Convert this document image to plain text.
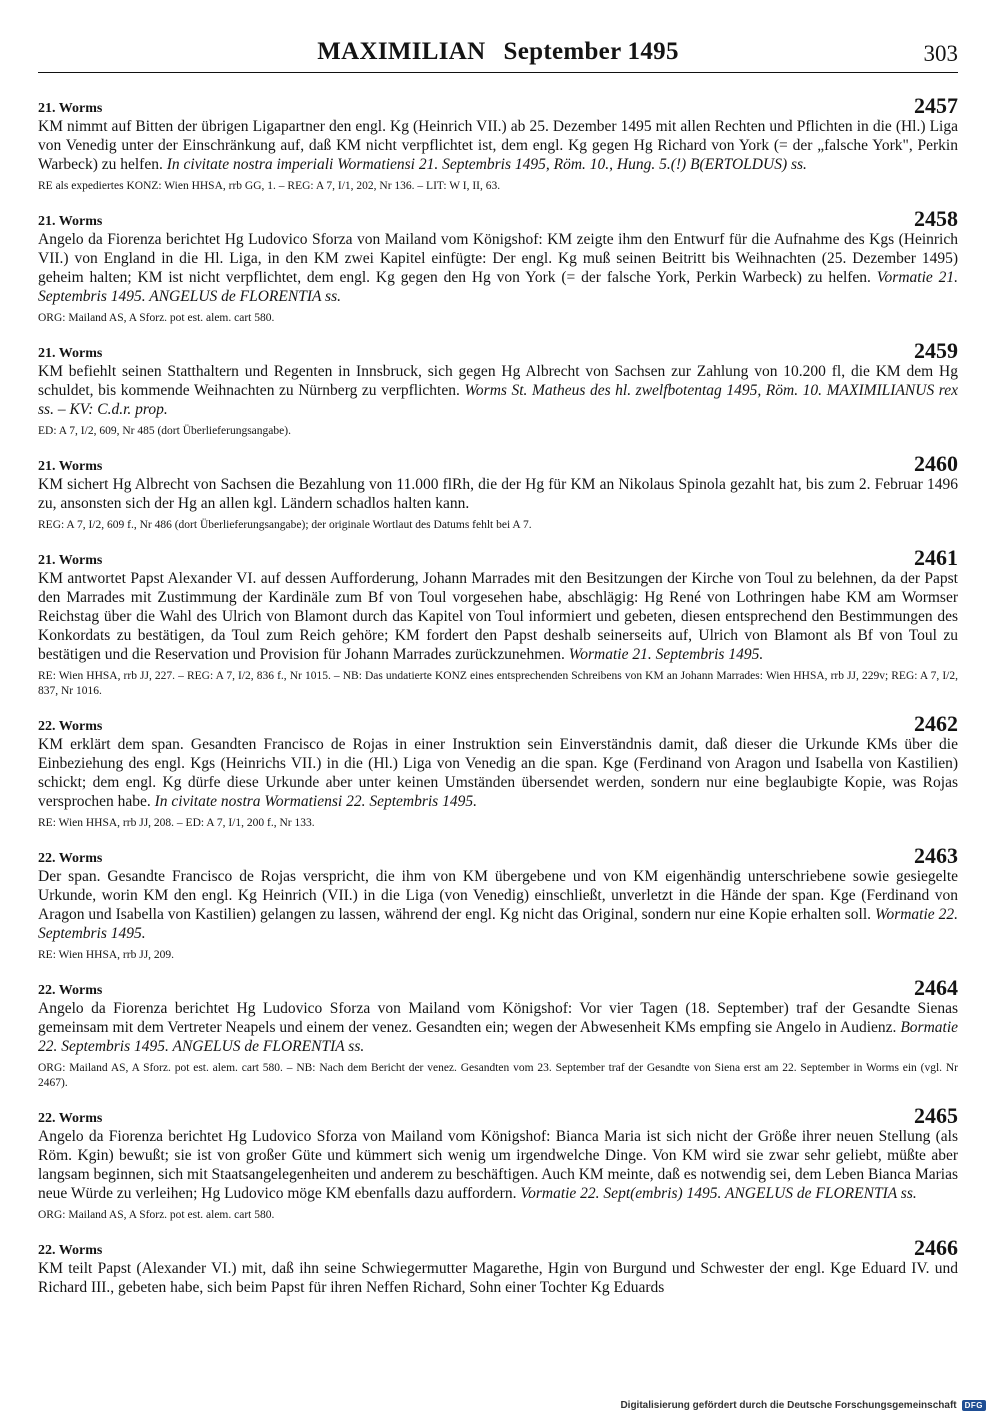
MAXIMILIAN September 1495	303
21. Worms	2457
KM nimmt auf Bitten der übrigen Ligapartner den engl. Kg (Heinrich VII.) ab 25. Dezember 1495 mit allen Rechten und Pflichten in die (Hl.) Liga von Venedig unter der Einschränkung auf, daß KM nicht verpflichtet ist, dem engl. Kg gegen Hg Richard von York (= der „falsche York", Perkin Warbeck) zu helfen. In civitate nostra imperiali Wormatiensi 21. Septembris 1495, Röm. 10., Hung. 5.(!) B(ERTOLDUS) ss.
RE als expediertes KONZ: Wien HHSA, rrb GG, 1. – REG: A 7, I/1, 202, Nr 136. – LIT: W I, II, 63.
21. Worms	2458
Angelo da Fiorenza berichtet Hg Ludovico Sforza von Mailand vom Königshof: KM zeigte ihm den Entwurf für die Aufnahme des Kgs (Heinrich VII.) von England in die Hl. Liga, in den KM zwei Kapitel einfügte: Der engl. Kg muß seinen Beitritt bis Weihnachten (25. Dezember 1495) geheim halten; KM ist nicht verpflichtet, dem engl. Kg gegen den Hg von York (= der falsche York, Perkin Warbeck) zu helfen. Vormatie 21. Septembris 1495. ANGELUS de FLORENTIA ss.
ORG: Mailand AS, A Sforz. pot est. alem. cart 580.
21. Worms	2459
KM befiehlt seinen Statthaltern und Regenten in Innsbruck, sich gegen Hg Albrecht von Sachsen zur Zahlung von 10.200 fl, die KM dem Hg schuldet, bis kommende Weihnachten zu Nürnberg zu verpflichten. Worms St. Matheus des hl. zwelfbotentag 1495, Röm. 10. MAXIMILIANUS rex ss. – KV: C.d.r. prop.
ED: A 7, I/2, 609, Nr 485 (dort Überlieferungsangabe).
21. Worms	2460
KM sichert Hg Albrecht von Sachsen die Bezahlung von 11.000 flRh, die der Hg für KM an Nikolaus Spinola gezahlt hat, bis zum 2. Februar 1496 zu, ansonsten sich der Hg an allen kgl. Ländern schadlos halten kann.
REG: A 7, I/2, 609 f., Nr 486 (dort Überlieferungsangabe); der originale Wortlaut des Datums fehlt bei A 7.
21. Worms	2461
KM antwortet Papst Alexander VI. auf dessen Aufforderung, Johann Marrades mit den Besitzungen der Kirche von Toul zu belehnen, da der Papst den Marrades mit Zustimmung der Kardinäle zum Bf von Toul vorgesehen habe, abschlägig: Hg René von Lothringen habe KM am Wormser Reichstag über die Wahl des Ulrich von Blamont durch das Kapitel von Toul informiert und gebeten, diesen entsprechend den Bestimmungen des Konkordats zu bestätigen, da Toul zum Reich gehöre; KM fordert den Papst deshalb seinerseits auf, Ulrich von Blamont als Bf von Toul zu bestätigen und die Reservation und Provision für Johann Marrades zurückzunehmen. Wormatie 21. Septembris 1495.
RE: Wien HHSA, rrb JJ, 227. – REG: A 7, I/2, 836 f., Nr 1015. – NB: Das undatierte KONZ eines entsprechenden Schreibens von KM an Johann Marrades: Wien HHSA, rrb JJ, 229v; REG: A 7, I/2, 837, Nr 1016.
22. Worms	2462
KM erklärt dem span. Gesandten Francisco de Rojas in einer Instruktion sein Einverständnis damit, daß dieser die Urkunde KMs über die Einbeziehung des engl. Kgs (Heinrichs VII.) in die (Hl.) Liga von Venedig an die span. Kge (Ferdinand von Aragon und Isabella von Kastilien) schickt; dem engl. Kg dürfe diese Urkunde aber unter keinen Umständen übersendet werden, sondern nur eine beglaubigte Kopie, was Rojas versprochen habe. In civitate nostra Wormatiensi 22. Septembris 1495.
RE: Wien HHSA, rrb JJ, 208. – ED: A 7, I/1, 200 f., Nr 133.
22. Worms	2463
Der span. Gesandte Francisco de Rojas verspricht, die ihm von KM übergebene und von KM eigenhändig unterschriebene sowie gesiegelte Urkunde, worin KM den engl. Kg Heinrich (VII.) in die Liga (von Venedig) einschließt, unverletzt in die Hände der span. Kge (Ferdinand von Aragon und Isabella von Kastilien) gelangen zu lassen, während der engl. Kg nicht das Original, sondern nur eine Kopie erhalten soll. Wormatie 22. Septembris 1495.
RE: Wien HHSA, rrb JJ, 209.
22. Worms	2464
Angelo da Fiorenza berichtet Hg Ludovico Sforza von Mailand vom Königshof: Vor vier Tagen (18. September) traf der Gesandte Sienas gemeinsam mit dem Vertreter Neapels und einem der venez. Gesandten ein; wegen der Abwesenheit KMs empfing sie Angelo in Audienz. Bormatie 22. Septembris 1495. ANGELUS de FLORENTIA ss.
ORG: Mailand AS, A Sforz. pot est. alem. cart 580. – NB: Nach dem Bericht der venez. Gesandten vom 23. September traf der Gesandte von Siena erst am 22. September in Worms ein (vgl. Nr 2467).
22. Worms	2465
Angelo da Fiorenza berichtet Hg Ludovico Sforza von Mailand vom Königshof: Bianca Maria ist sich nicht der Größe ihrer neuen Stellung (als Röm. Kgin) bewußt; sie ist von großer Güte und kümmert sich wenig um irgendwelche Dinge. Von KM wird sie zwar sehr geliebt, müßte aber langsam beginnen, sich mit Staatsangelegenheiten und anderem zu beschäftigen. Auch KM meinte, daß es notwendig sei, dem Leben Bianca Marias neue Würde zu verleihen; Hg Ludovico möge KM ebenfalls dazu auffordern. Vormatie 22. Sept(embris) 1495. ANGELUS de FLORENTIA ss.
ORG: Mailand AS, A Sforz. pot est. alem. cart 580.
22. Worms	2466
KM teilt Papst (Alexander VI.) mit, daß ihn seine Schwiegermutter Magarethe, Hgin von Burgund und Schwester der engl. Kge Eduard IV. und Richard III., gebeten habe, sich beim Papst für ihren Neffen Richard, Sohn einer Tochter Kg Eduards
Digitalisierung gefördert durch die Deutsche Forschungsgemeinschaft	DFG
